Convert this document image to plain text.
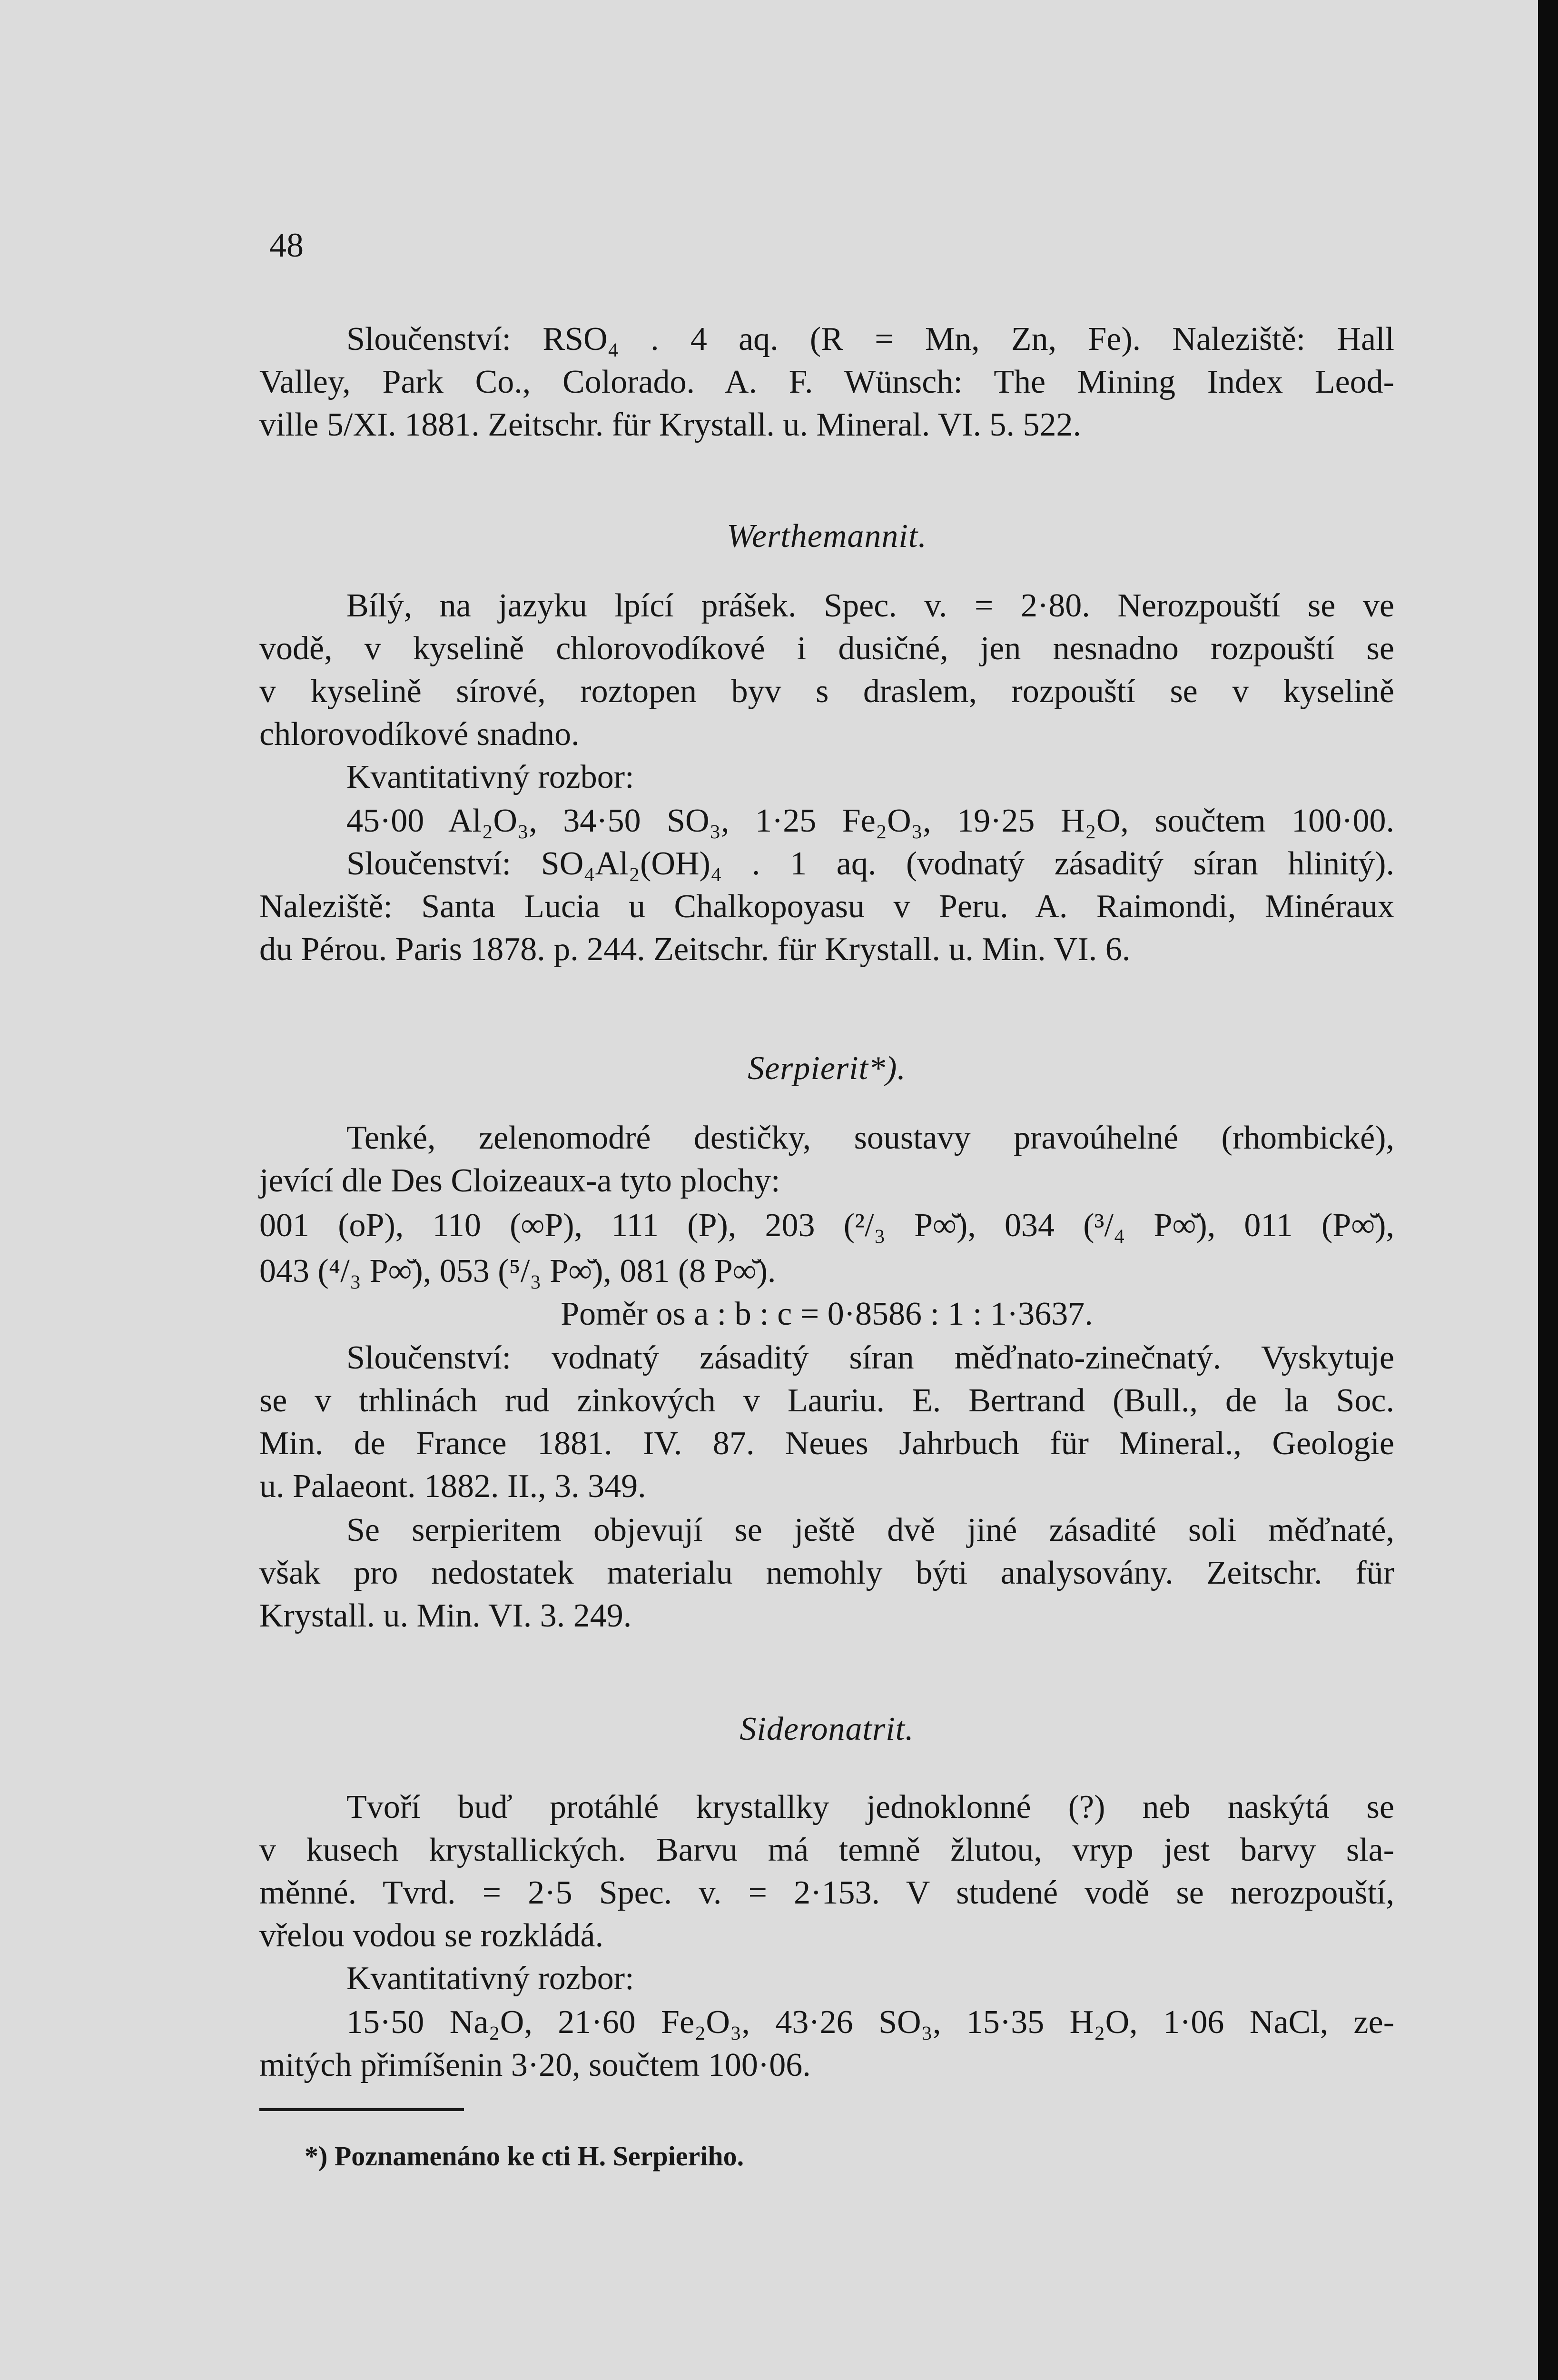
48
Sloučenství: RSO₄ . 4 aq. (R = Mn, Zn, Fe). Naleziště: Hall
Valley, Park Co., Colorado. A. F. Wünsch: The Mining Index Leod-
ville 5/XI. 1881. Zeitschr. für Krystall. u. Mineral. VI. 5. 522.
Werthemannit.
Bílý, na jazyku lpící prášek. Spec. v. = 2·80. Nerozpouští se ve
vodě, v kyselině chlorovodíkové i dusičné, jen nesnadno rozpouští se
v kyselině sírové, roztopen byv s draslem, rozpouští se v kyselině
chlorovodíkové snadno.
Kvantitativný rozbor:
45·00 Al₂O₃, 34·50 SO₃, 1·25 Fe₂O₃, 19·25 H₂O, součtem 100·00.
Sloučenství: SO₄Al₂(OH)₄ . 1 aq. (vodnatý zásaditý síran hlinitý).
Naleziště: Santa Lucia u Chalkopoyasu v Peru. A. Raimondi, Minéraux
du Pérou. Paris 1878. p. 244. Zeitschr. für Krystall. u. Min. VI. 6.
Serpierit*).
Tenké, zelenomodré destičky, soustavy pravoúhelné (rhombické),
jevící dle Des Cloizeaux-a tyto plochy:
001 (oP), 110 (∞P), 111 (P), 203 (²/₃ P∞̆), 034 (³/₄ P∞̆), 011 (P∞̆),
043 (⁴/₃ P∞̆), 053 (⁵/₃ P∞̆), 081 (8 P∞̆).
Poměr os a : b : c = 0·8586 : 1 : 1·3637.
Sloučenství: vodnatý zásaditý síran měďnato-zinečnatý. Vyskytuje
se v trhlinách rud zinkových v Lauriu. E. Bertrand (Bull., de la Soc.
Min. de France 1881. IV. 87. Neues Jahrbuch für Mineral., Geologie
u. Palaeont. 1882. II., 3. 349.
Se serpieritem objevují se ještě dvě jiné zásadité soli měďnaté,
však pro nedostatek materialu nemohly býti analysovány. Zeitschr. für
Krystall. u. Min. VI. 3. 249.
Sideronatrit.
Tvoří buď protáhlé krystallky jednoklonné (?) neb naskýtá se
v kusech krystallických. Barvu má temně žlutou, vryp jest barvy sla-
měnné. Tvrd. = 2·5 Spec. v. = 2·153. V studené vodě se nerozpouští,
vřelou vodou se rozkládá.
Kvantitativný rozbor:
15·50 Na₂O, 21·60 Fe₂O₃, 43·26 SO₃, 15·35 H₂O, 1·06 NaCl, ze-
mitých přimíšenin 3·20, součtem 100·06.
*) Poznamenáno ke cti H. Serpieriho.
